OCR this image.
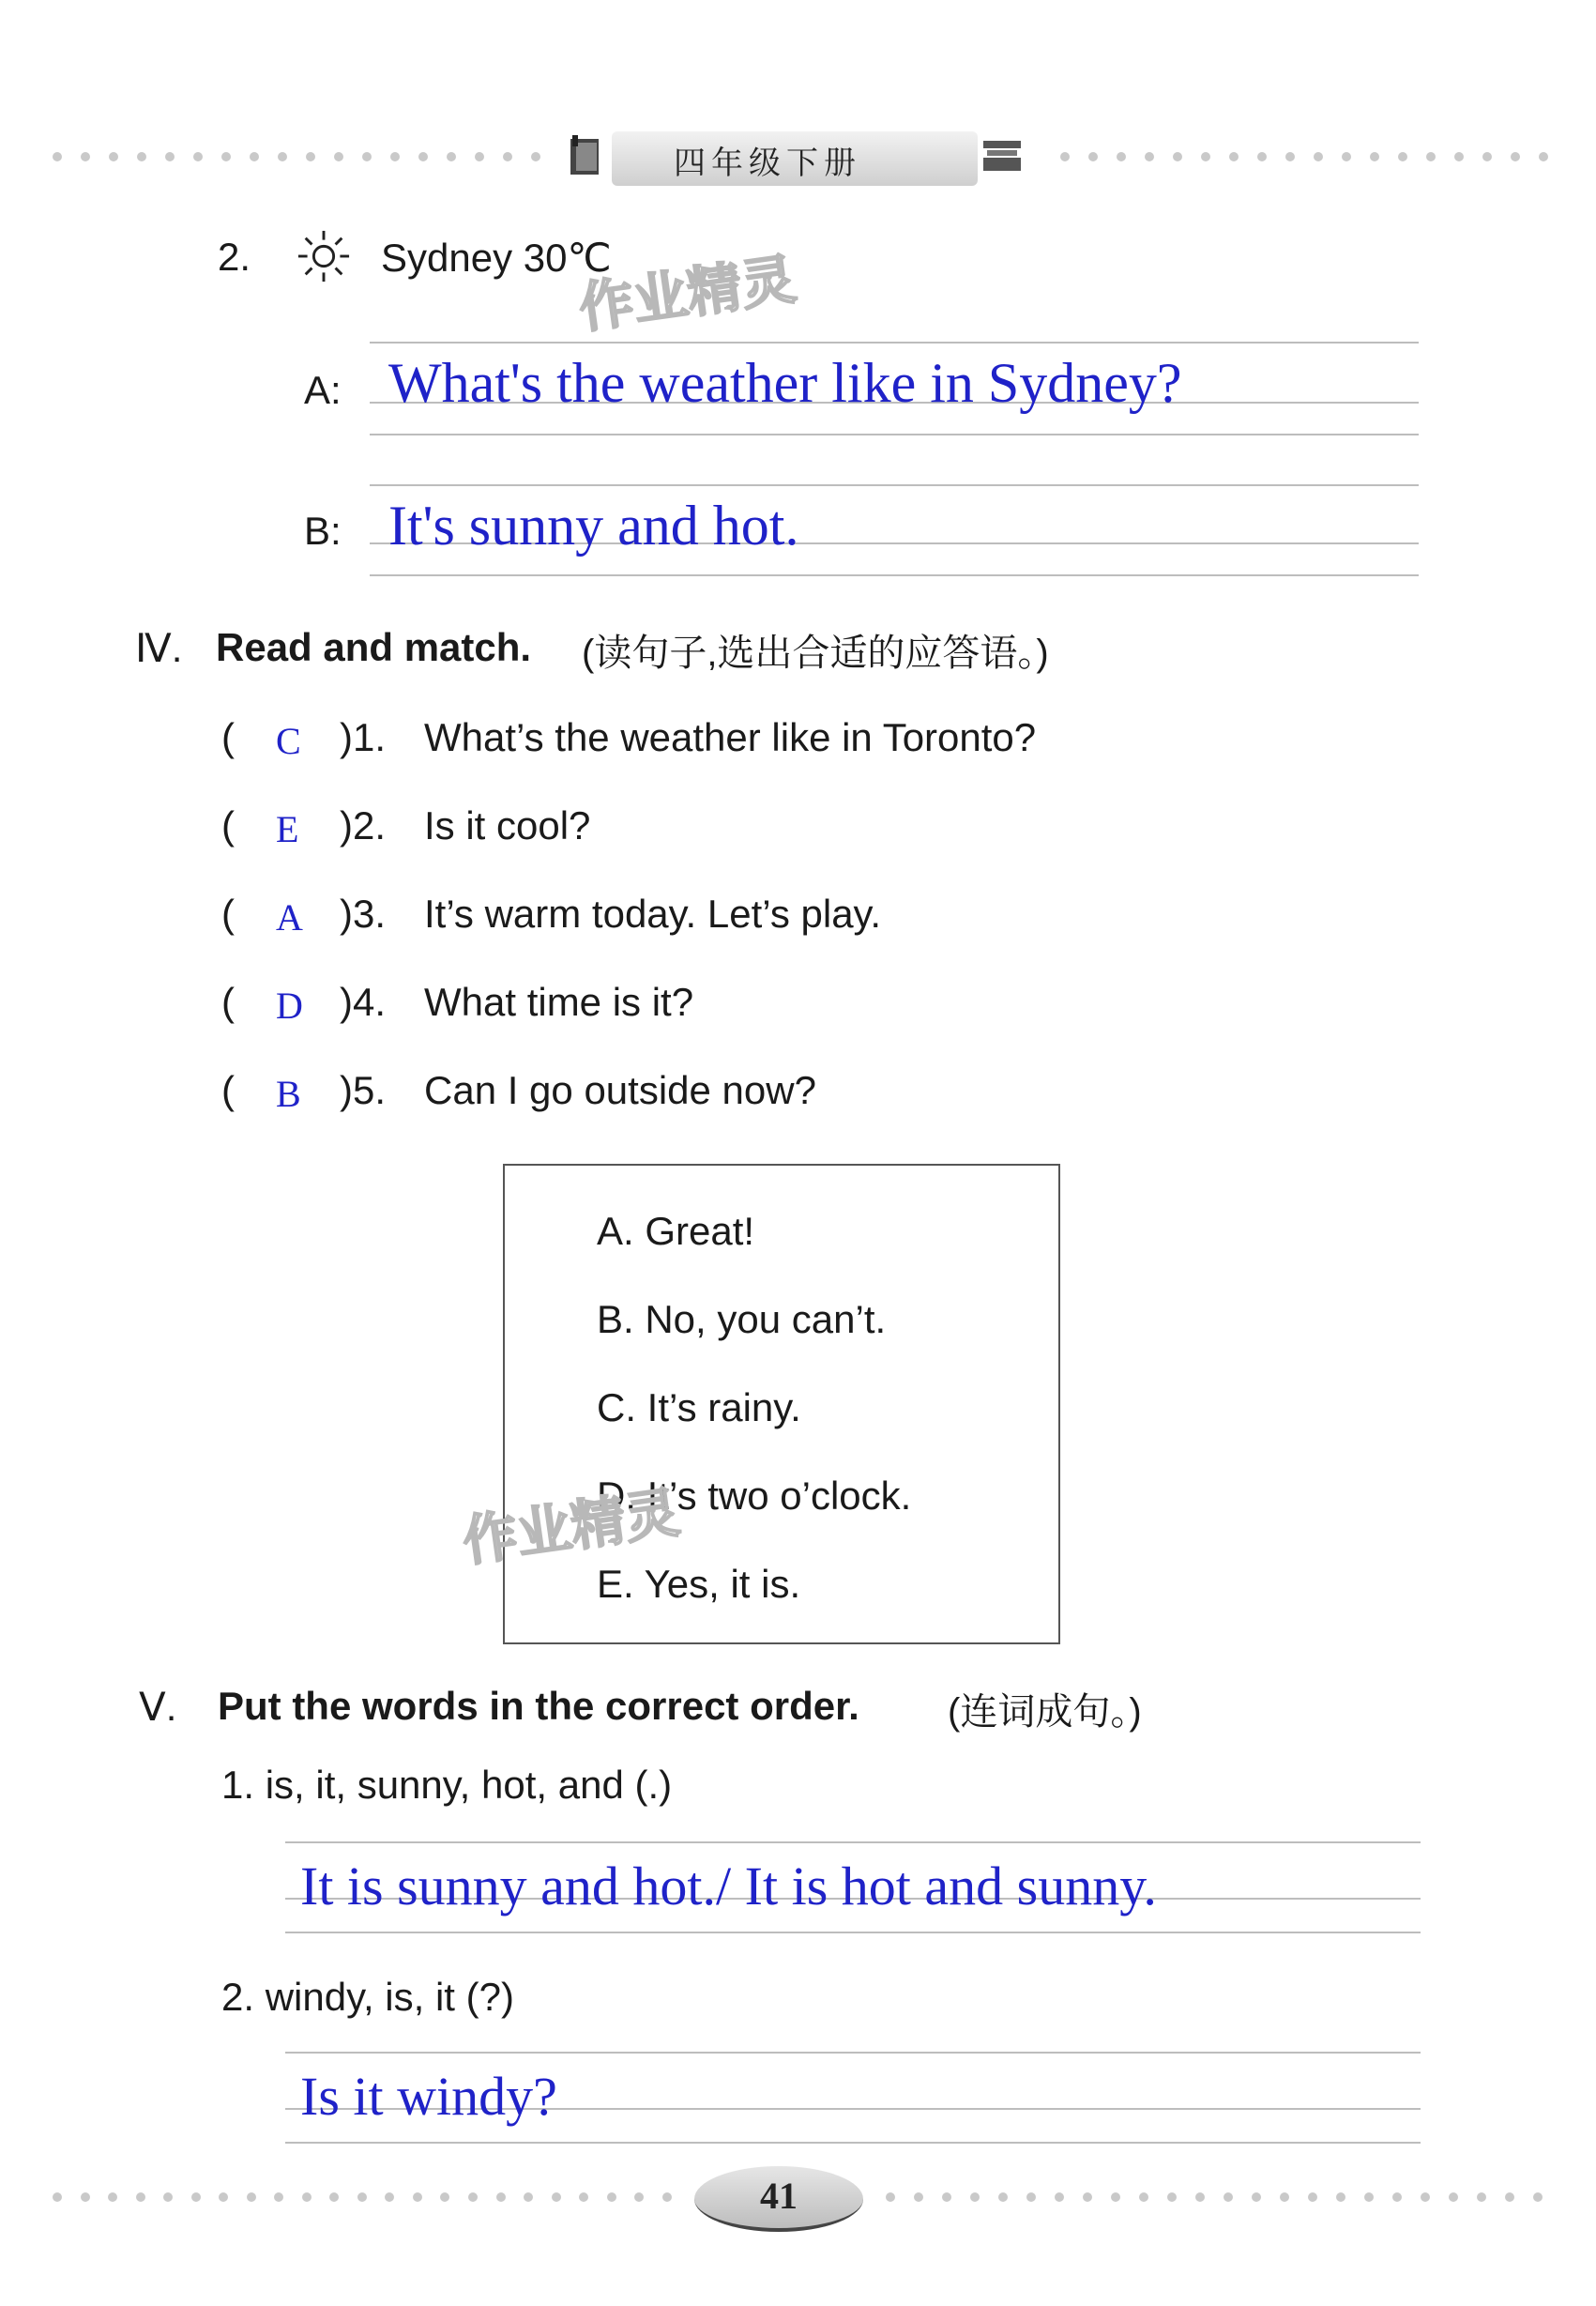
四年级下册
2.	Sydney 30℃
A: What's the weather like in Sydney?
B: It's sunny and hot.
Ⅳ. Read and match. (读句子,选出合适的应答语。)
( C )1. What’s the weather like in Toronto?
( E )2. Is it cool?
( A )3. It’s warm today. Let’s play.
( D )4. What time is it?
( B )5. Can I go outside now?
A. Great!
B. No, you can’t.
C. It’s rainy.
D. It’s two o’clock.
E. Yes, it is.
Ⅴ. Put the words in the correct order. (连词成句。)
1. is, it, sunny, hot, and (.)
It is sunny and hot./ It is hot and sunny.
2. windy, is, it (?)
Is it windy?
作业精灵
作业精灵
41
